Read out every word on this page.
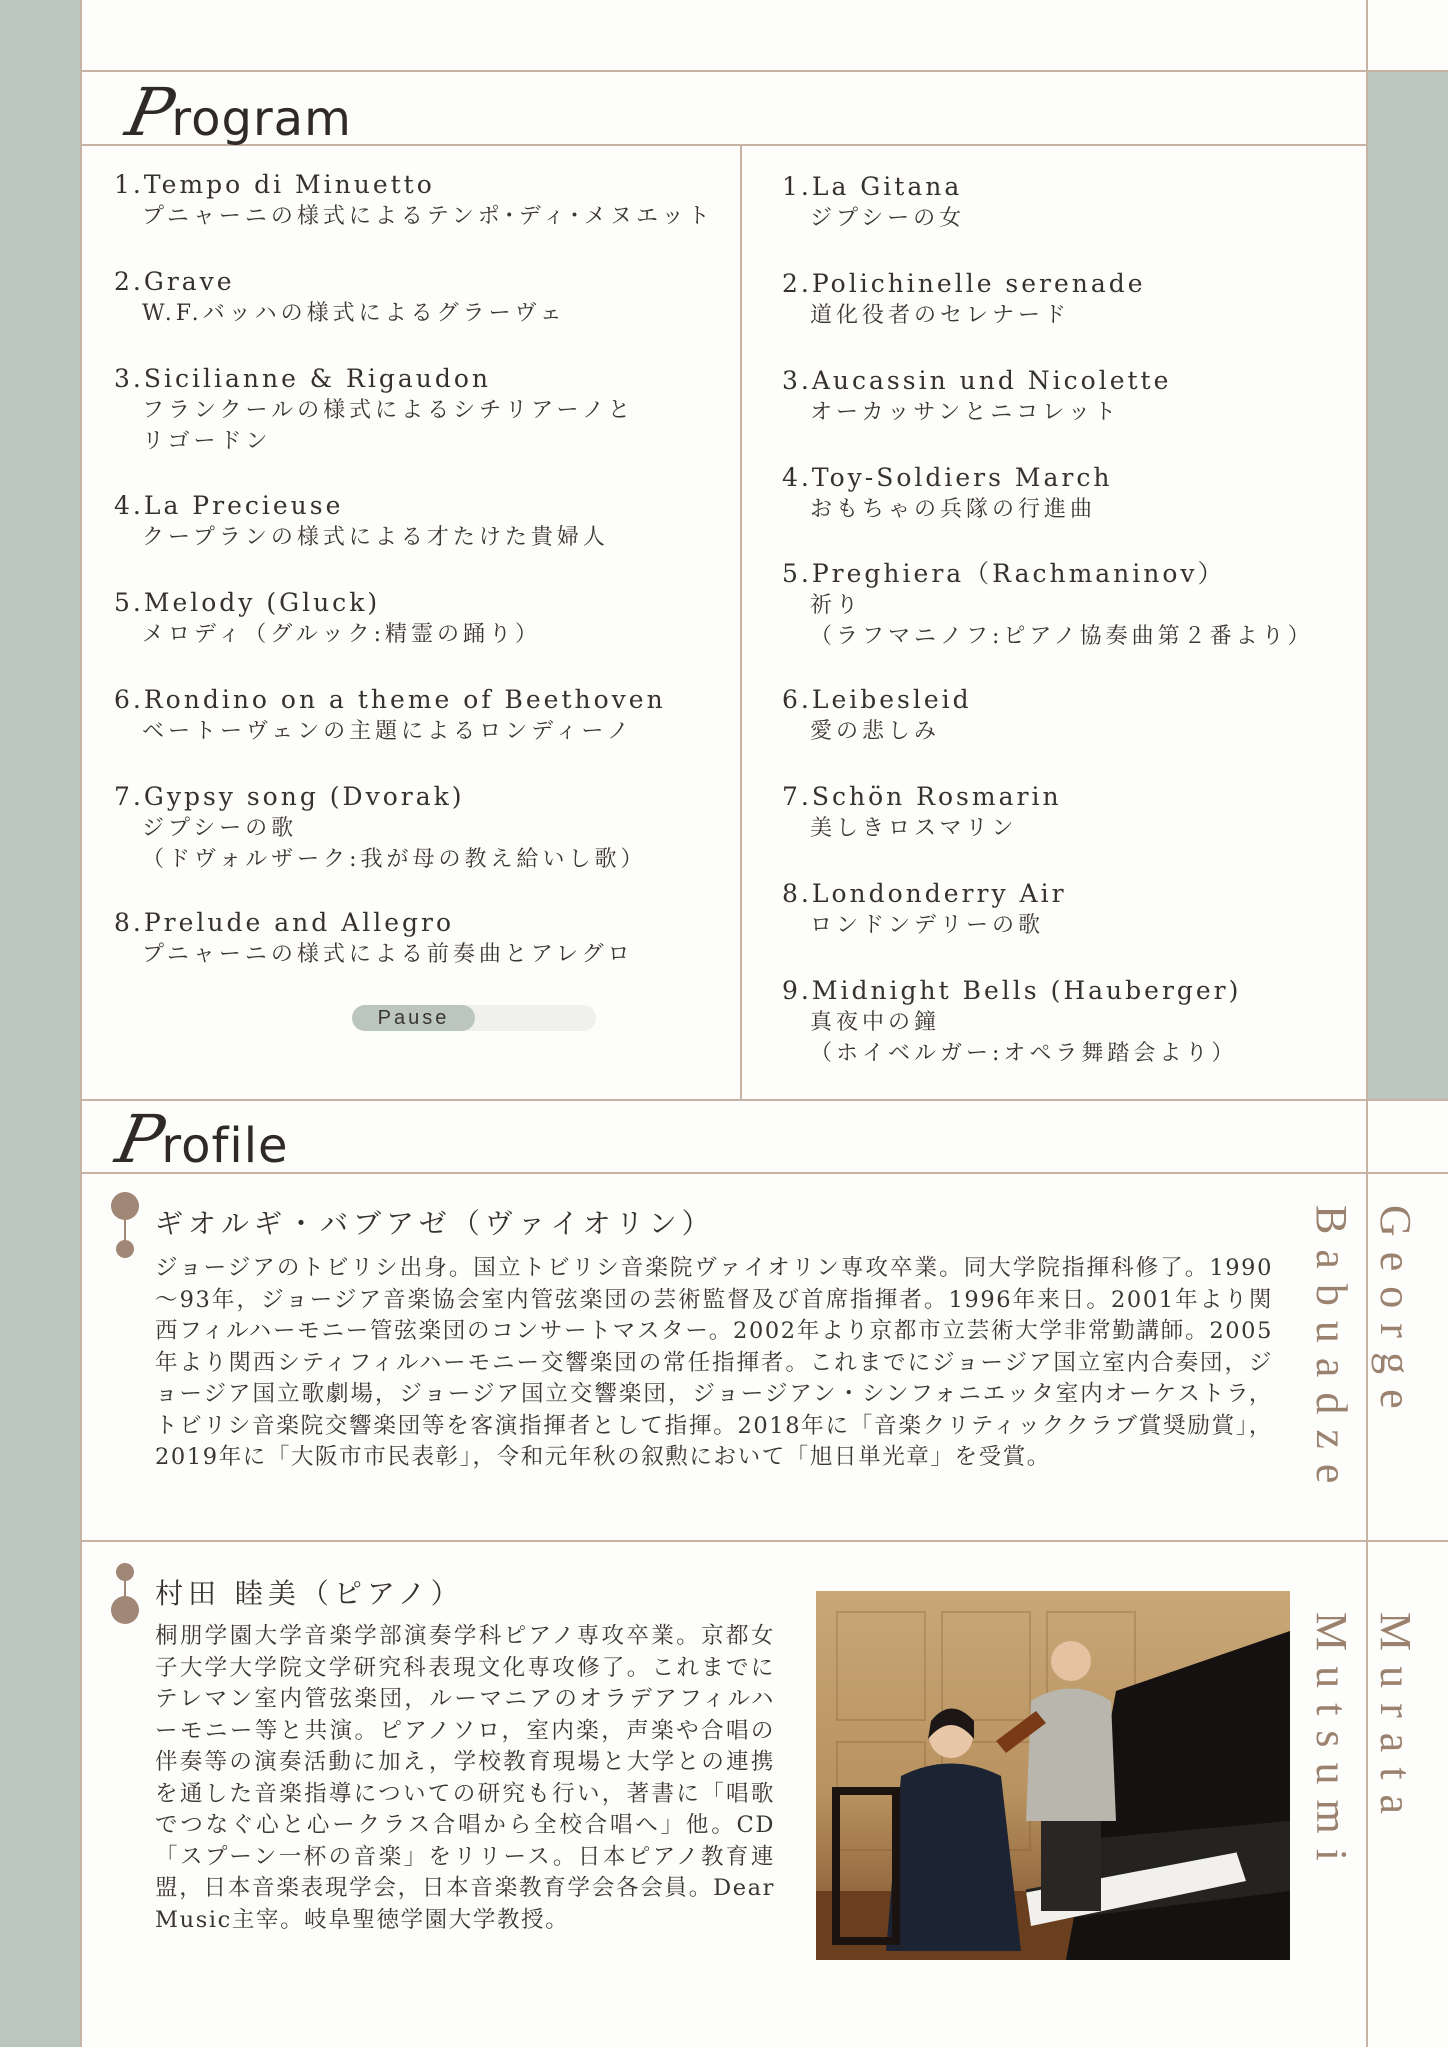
Program
1.Tempo di Minuetto
プニャーニの様式によるテンポ･ディ･メヌエット
2.Grave
W.F.バッハの様式によるグラーヴェ
3.Sicilianne & Rigaudon
フランクールの様式によるシチリアーノと
リゴードン
4.La Precieuse
クープランの様式による才たけた貴婦人
5.Melody (Gluck)
メロディ（グルック:精霊の踊り）
6.Rondino on a theme of Beethoven
ベートーヴェンの主題によるロンディーノ
7.Gypsy song (Dvorak)
ジプシーの歌
（ドヴォルザーク:我が母の教え給いし歌）
8.Prelude and Allegro
プニャーニの様式による前奏曲とアレグロ
1.La Gitana
ジプシーの女
2.Polichinelle serenade
道化役者のセレナード
3.Aucassin und Nicolette
オーカッサンとニコレット
4.Toy-Soldiers March
おもちゃの兵隊の行進曲
5.Preghiera（Rachmaninov）
祈り
（ラフマニノフ:ピアノ協奏曲第２番より）
6.Leibesleid
愛の悲しみ
7.Schön Rosmarin
美しきロスマリン
8.Londonderry Air
ロンドンデリーの歌
9.Midnight Bells (Hauberger)
真夜中の鐘
（ホイベルガー:オペラ舞踏会より）
Pause
Profile
ギオルギ・バブアゼ（ヴァイオリン）
ジョージアのトビリシ出身。国立トビリシ音楽院ヴァイオリン専攻卒業。同大学院指揮科修了。1990～93年，ジョージア音楽協会室内管弦楽団の芸術監督及び首席指揮者。1996年来日。2001年より関西フィルハーモニー管弦楽団のコンサートマスター。2002年より京都市立芸術大学非常勤講師。2005年より関西シティフィルハーモニー交響楽団の常任指揮者。これまでにジョージア国立室内合奏団，ジョージア国立歌劇場，ジョージア国立交響楽団，ジョージアン・シンフォニエッタ室内オーケストラ，トビリシ音楽院交響楽団等を客演指揮者として指揮。2018年に「音楽クリティッククラブ賞奨励賞」，2019年に「大阪市市民表彰」，令和元年秋の叙勲において「旭日単光章」を受賞。
George
Babuadze
村田 睦美（ピアノ）
桐朋学園大学音楽学部演奏学科ピアノ専攻卒業。京都女子大学大学院文学研究科表現文化専攻修了。これまでにテレマン室内管弦楽団，ルーマニアのオラデアフィルハーモニー等と共演。ピアノソロ，室内楽，声楽や合唱の伴奏等の演奏活動に加え，学校教育現場と大学との連携を通した音楽指導についての研究も行い，著書に「唱歌でつなぐ心と心ークラス合唱から全校合唱へ」他。CD「スプーン一杯の音楽」をリリース。日本ピアノ教育連盟，日本音楽表現学会，日本音楽教育学会各会員。Dear Music主宰。岐阜聖徳学園大学教授。
Murata
Mutsumi
